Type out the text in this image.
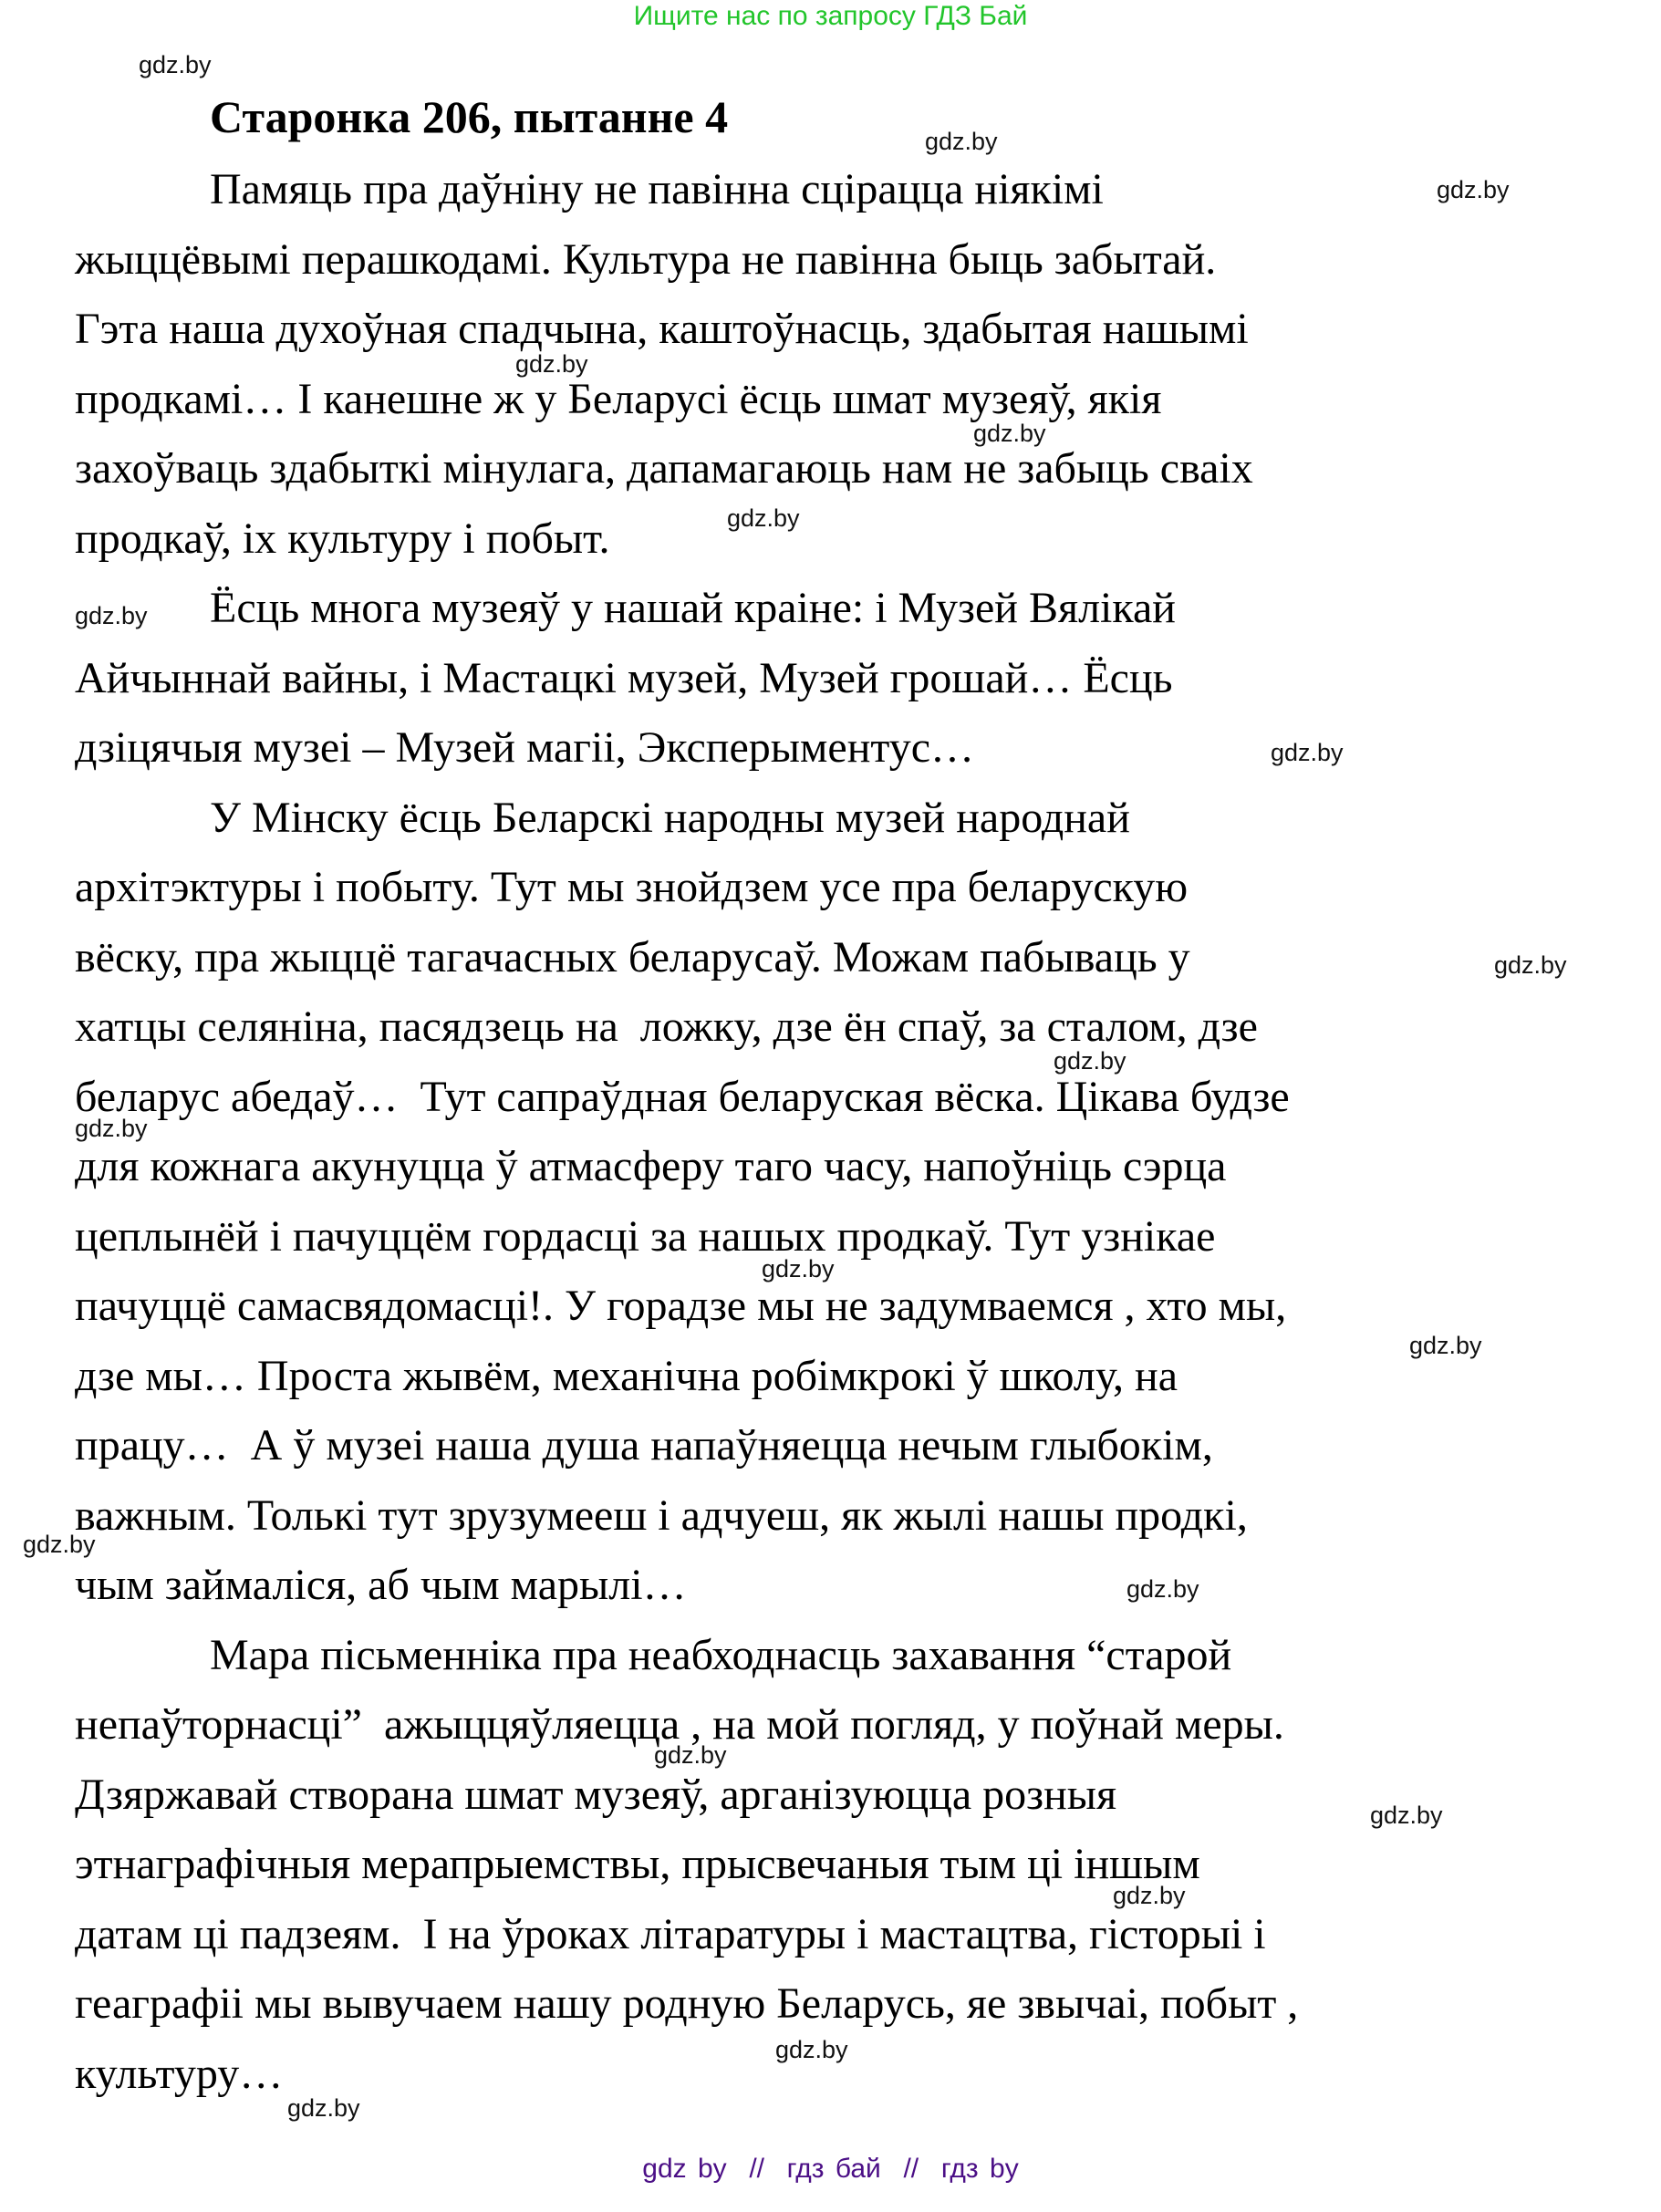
Ищите нас по запросу ГДЗ Бай
gdz.by
gdz.by
gdz.by
gdz.by
gdz.by
gdz.by
gdz.by
gdz.by
gdz.by
gdz.by
gdz.by
gdz.by
gdz.by
gdz.by
gdz.by
gdz.by
gdz.by
gdz.by
gdz.by
gdz.by
Старонка 206, пытанне 4
Памяць пра даўніну не павінна сціраццa ніякімі
жыццёвымі перашкодамі. Культура не павінна быць забытай.
Гэта наша духоўная спадчына, каштоўнасць, здабытая нашымі
продкамі… І канешне ж у Беларусі ёсць шмат музеяў, якія
захоўваць здабыткі мінулага, дапамагаюць нам не забыць сваіх
продкаў, іх культуру і побыт.
Ёсць многа музеяў у нашай краіне: і Музей Вялікай
Айчыннай вайны, і Мастацкі музей, Музей грошай… Ёсць
дзіцячыя музеі – Музей магіі, Эксперыментус…
У Мінску ёсць Беларскі народны музей народнай
архітэктуры і побыту. Тут мы знойдзем усе пра беларускую
вёску, пра жыццё тагачасных беларусаў. Можам пабываць у
хатцы селяніна, пасядзець на  ложку, дзе ён спаў, за сталом, дзе
беларус абедаў…  Тут сапраўдная беларуская вёска. Цікава будзе
для кожнага акунуцца ў атмасферу таго часу, напоўніць сэрца
цеплынёй і пачуццём гордасці за нашых продкаў. Тут узнікае
пачуццё самасвядомасці!. У горадзе мы не задумваемся , хто мы,
дзе мы… Проста жывём, механічна робімкрокі ў школу, на
працу…  А ў музеі наша душа напаўняецца нечым глыбокім,
важным. Толькі тут зрузумееш і адчуеш, як жылі нашы продкі,
чым займаліся, аб чым марылі…
Мара пісьменніка пра неабходнасць захавання “старой
непаўторнасці”  ажыццяўляецца , на мой погляд, у поўнай меры.
Дзяржавай створана шмат музеяў, арганізуюцца розныя
этнаграфічныя мерапрыемствы, прысвечаныя тым ці іншым
датам ці падзеям.  І на ўроках літаратуры і мастацтва, гісторыі і
геаграфіі мы вывучаем нашу родную Беларусь, яе звычаі, побыт ,
культуру…
gdz by  //  гдз бай  //  гдз by
